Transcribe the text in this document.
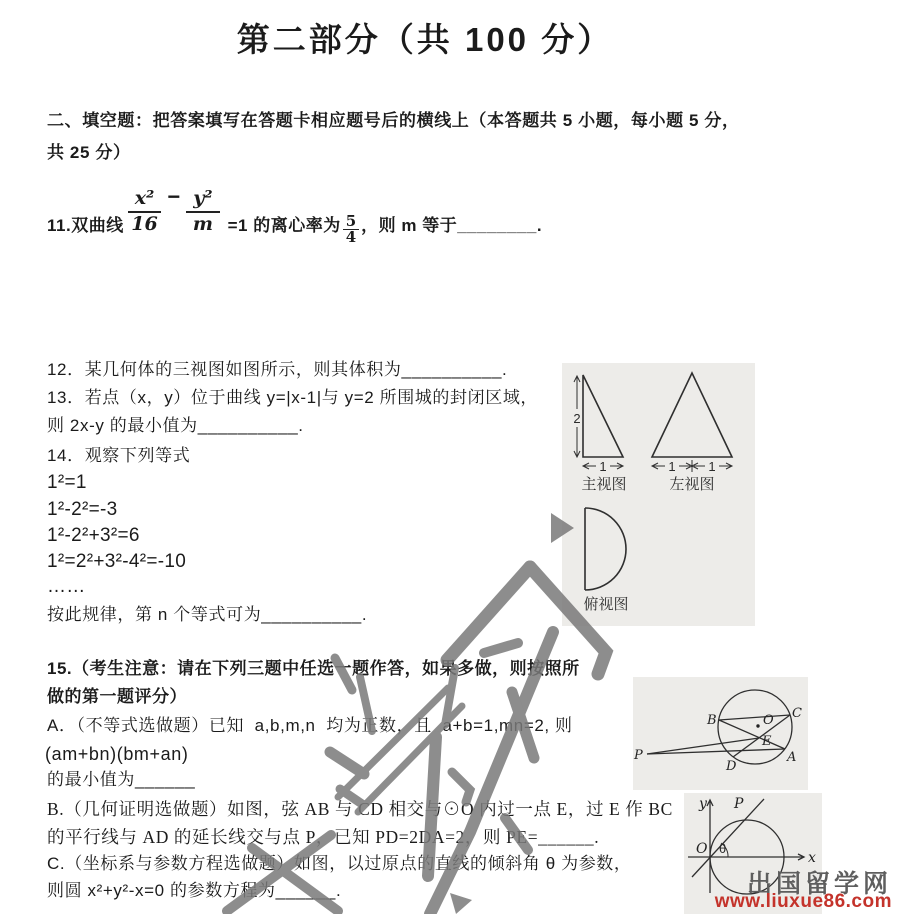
第二部分（共 100 分）
二、填空题：把答案填写在答题卡相应题号后的横线上（本答题共 5 小题，每小题 5 分，
共 25 分）
11.双曲线 $\frac{\text{x²}}{16} - \frac{\text{y²}}{m} =1$ 的离心率为 $\frac{5}{4}$ ，则 m 等于________.
12．某几何体的三视图如图所示，则其体积为__________.
13．若点（x，y）位于曲线 y=|x-1|与 y=2 所围城的封闭区域，
则 2x-y 的最小值为__________.
14．观察下列等式
1²=1
1²-2²=-3
1²-2²+3²=6
1²=2²+3²-4²=-10
……
按此规律，第 n 个等式可为__________.
15.（考生注意：请在下列三题中任选一题作答，如果多做，则按照所
做的第一题评分）
A．（不等式选做题）已知  a,b,m,n  均为正数，且  a+b=1,mn=2, 则
(am+bn)(bm+an)
的最小值为______
B.（几何证明选做题）如图，弦 AB 与 CD 相交与⊙O 内过一点 E，过 E 作 BC
的平行线与 AD 的延长线交与点 P，已知 PD=2DA=2，则 PE=______.
C.（坐标系与参数方程选做题）如图，以过原点的直线的倾斜角 θ 为参数，
则圆 x²+y²-x=0 的参数方程为______.
2
1
主视图
1	1
左视图
俯视图
P
B	C
O
E
D
A
y
x
O
P
θ
出国留学网
www.liuxue86.com
